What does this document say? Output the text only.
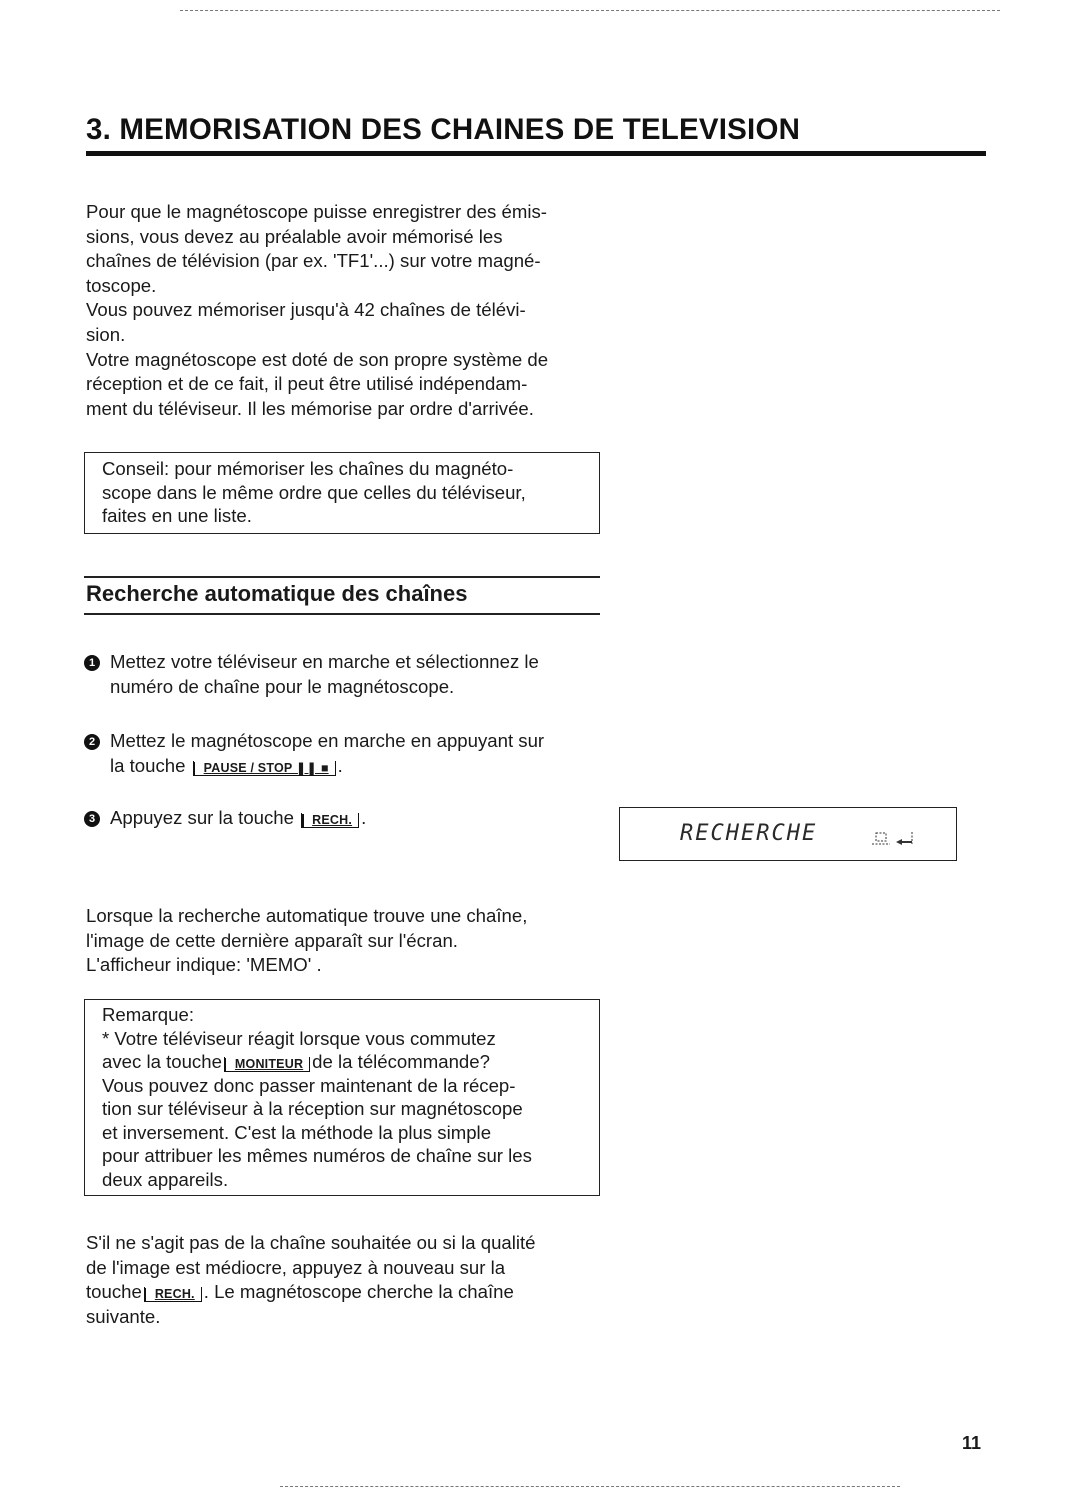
3. MEMORISATION DES CHAINES DE TELEVISION
Pour que le magnétoscope puisse enregistrer des émis-
sions, vous devez au préalable avoir mémorisé les
chaînes de télévision (par ex. 'TF1'...) sur votre magné-
toscope.
Vous pouvez mémoriser jusqu'à 42 chaînes de télévi-
sion.
Votre magnétoscope est doté de son propre système de
réception et de ce fait, il peut être utilisé indépendam-
ment du téléviseur. Il les mémorise par ordre d'arrivée.
Conseil: pour mémoriser les chaînes du magnéto-
scope dans le même ordre que celles du téléviseur,
faites en une liste.
Recherche automatique des chaînes
1 Mettez votre téléviseur en marche et sélectionnez le
numéro de chaîne pour le magnétoscope.
2 Mettez le magnétoscope en marche en appuyant sur
la touche PAUSE / STOP ❚❚ ■ .
3 Appuyez sur la touche RECH. .
RECHERCHE
Lorsque la recherche automatique trouve une chaîne,
l'image de cette dernière apparaît sur l'écran.
L'afficheur indique: 'MEMO' .
Remarque:
* Votre téléviseur réagit lorsque vous commutez
avec la touche MONITEUR de la télécommande?
Vous pouvez donc passer maintenant de la récep-
tion sur téléviseur à la réception sur magnétoscope
et inversement. C'est la méthode la plus simple
pour attribuer les mêmes numéros de chaîne sur les
deux appareils.
S'il ne s'agit pas de la chaîne souhaitée ou si la qualité
de l'image est médiocre, appuyez à nouveau sur la
touche RECH. . Le magnétoscope cherche la chaîne
suivante.
11
